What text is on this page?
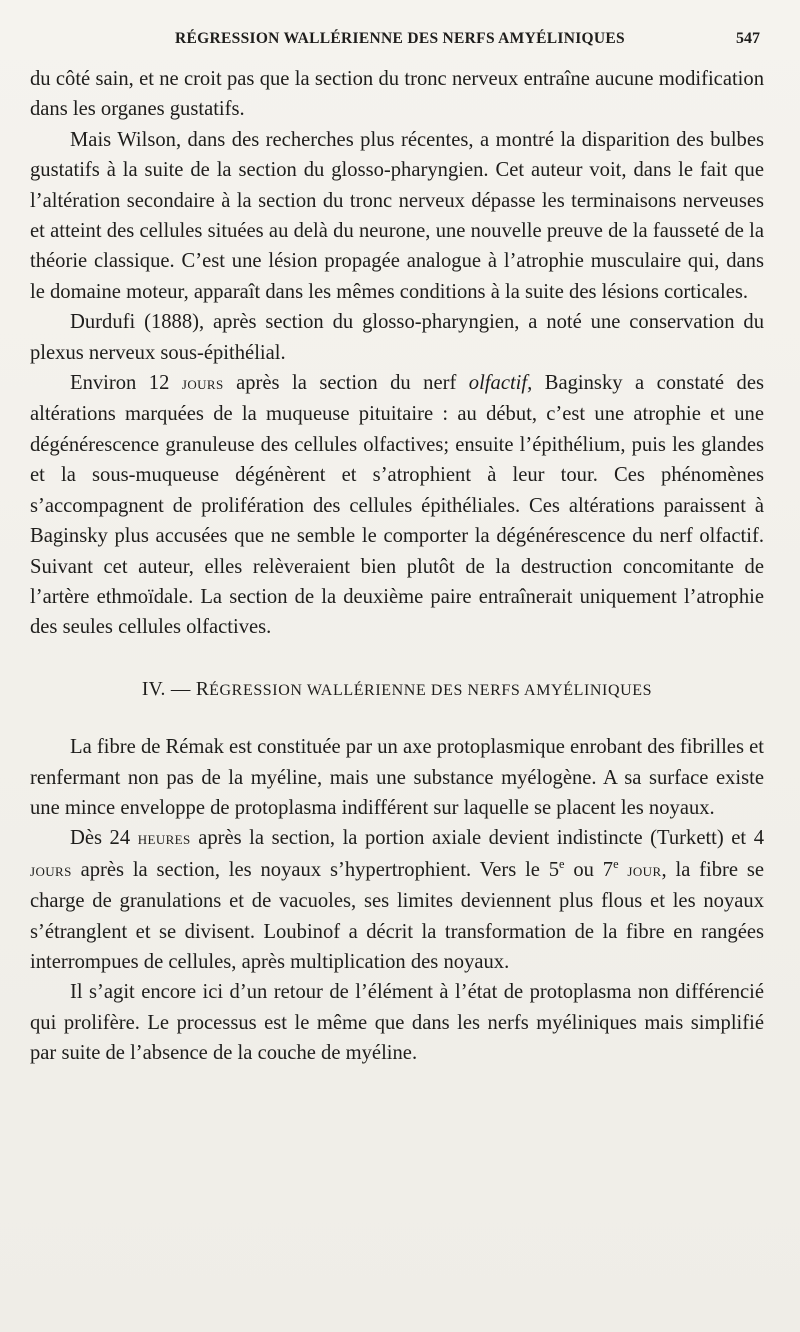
RÉGRESSION WALLÉRIENNE DES NERFS AMYÉLINIQUES	547

du côté sain, et ne croit pas que la section du tronc nerveux entraîne aucune modification dans les organes gustatifs.

Mais Wilson, dans des recherches plus récentes, a montré la disparition des bulbes gustatifs à la suite de la section du glosso-pharyngien. Cet auteur voit, dans le fait que l’altération secondaire à la section du tronc nerveux dépasse les terminaisons nerveuses et atteint des cellules situées au delà du neurone, une nouvelle preuve de la fausseté de la théorie classique. C’est une lésion propagée analogue à l’atrophie musculaire qui, dans le domaine moteur, apparaît dans les mêmes conditions à la suite des lésions corticales.

Durdufi (1888), après section du glosso-pharyngien, a noté une conservation du plexus nerveux sous-épithélial.

Environ 12 jours après la section du nerf olfactif, Baginsky a constaté des altérations marquées de la muqueuse pituitaire : au début, c’est une atrophie et une dégénérescence granuleuse des cellules olfactives; ensuite l’épithélium, puis les glandes et la sous-muqueuse dégénèrent et s’atrophient à leur tour. Ces phénomènes s’accompagnent de prolifération des cellules épithéliales. Ces altérations paraissent à Baginsky plus accusées que ne semble le comporter la dégénérescence du nerf olfactif. Suivant cet auteur, elles relèveraient bien plutôt de la destruction concomitante de l’artère ethmoïdale. La section de la deuxième paire entraînerait uniquement l’atrophie des seules cellules olfactives.

IV. — RÉGRESSION WALLÉRIENNE DES NERFS AMYÉLINIQUES

La fibre de Rémak est constituée par un axe protoplasmique enrobant des fibrilles et renfermant non pas de la myéline, mais une substance myélogène. A sa surface existe une mince enveloppe de protoplasma indifférent sur laquelle se placent les noyaux.

Dès 24 heures après la section, la portion axiale devient indistincte (Turkett) et 4 jours après la section, les noyaux s’hypertrophient. Vers le 5e ou 7e jour, la fibre se charge de granulations et de vacuoles, ses limites deviennent plus flous et les noyaux s’étranglent et se divisent. Loubinof a décrit la transformation de la fibre en rangées interrompues de cellules, après multiplication des noyaux.

Il s’agit encore ici d’un retour de l’élément à l’état de protoplasma non différencié qui prolifère. Le processus est le même que dans les nerfs myéliniques mais simplifié par suite de l’absence de la couche de myéline.
